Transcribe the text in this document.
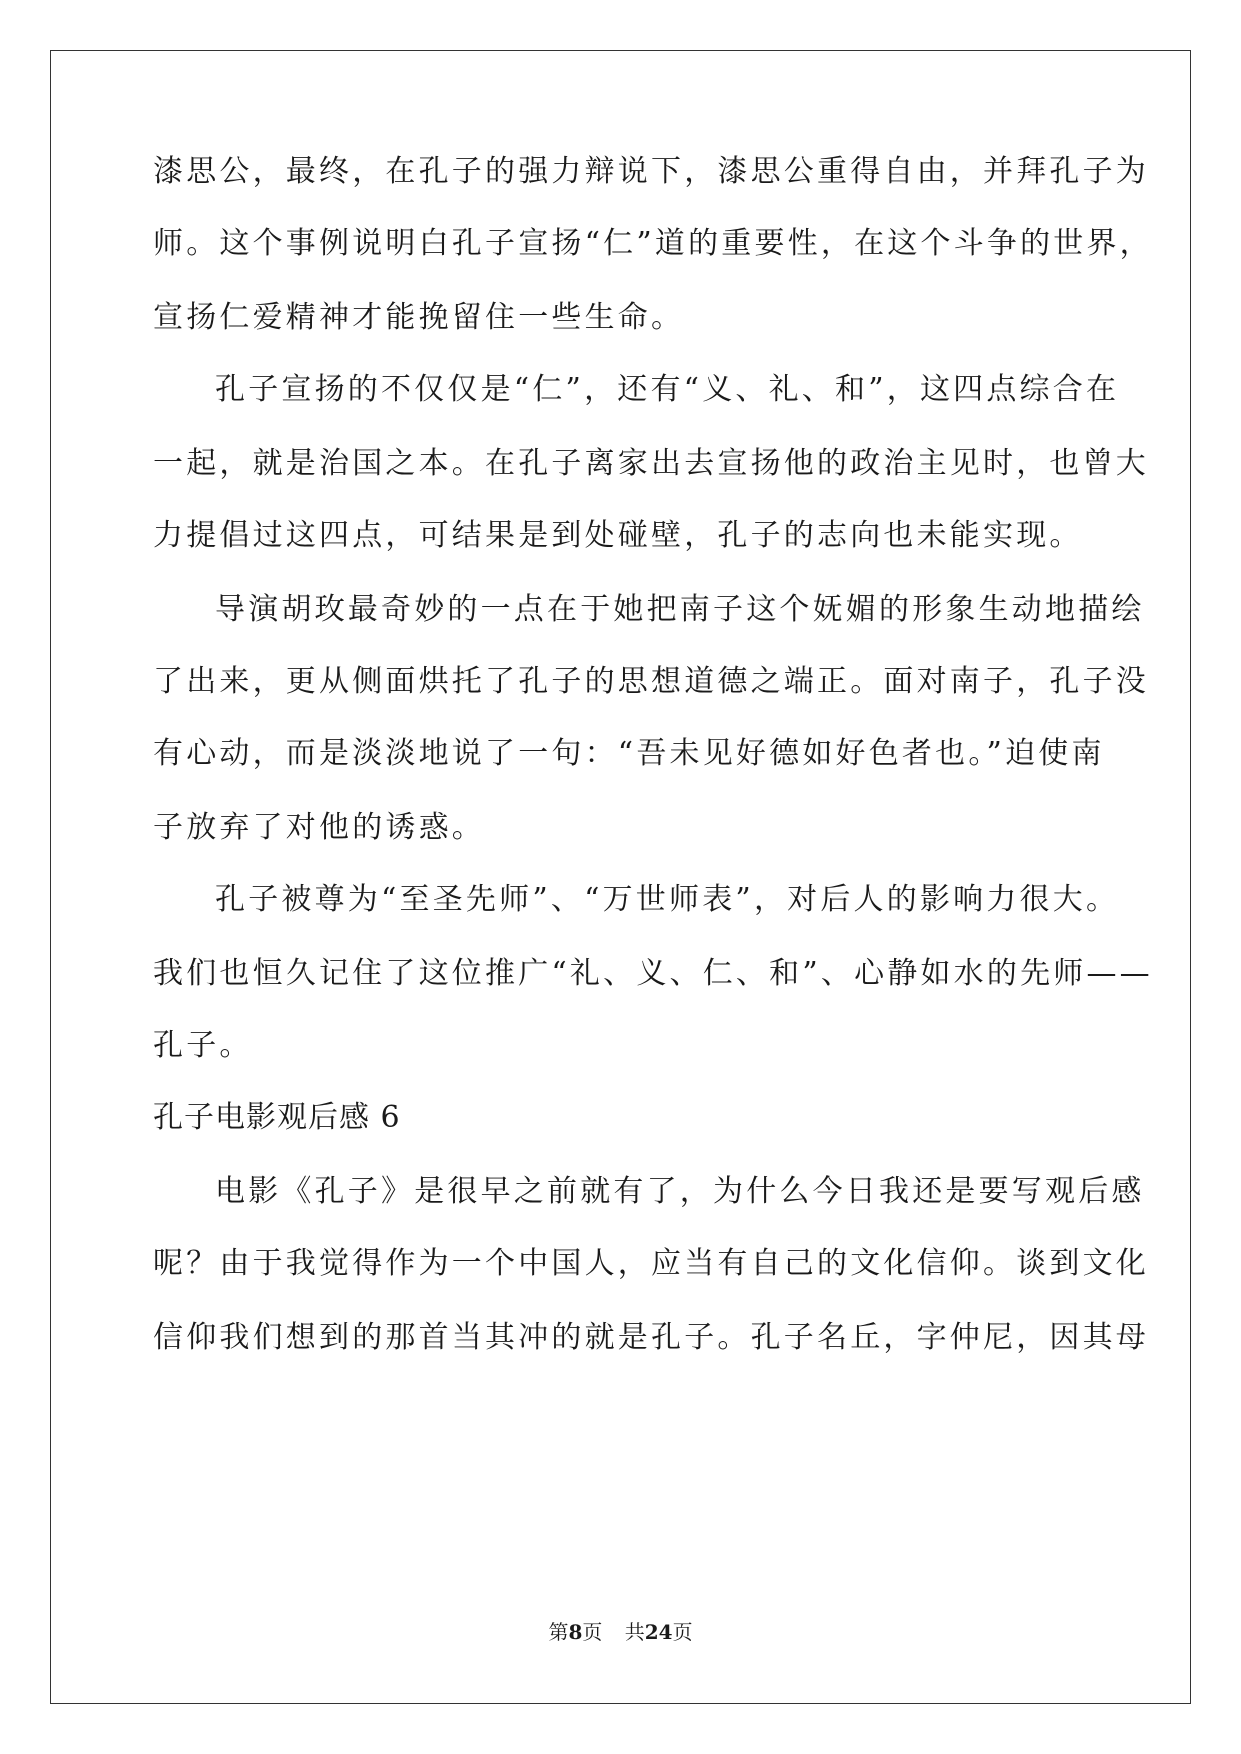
漆思公，最终，在孔子的强力辩说下，漆思公重得自由，并拜孔子为
师。这个事例说明白孔子宣扬“仁”道的重要性，在这个斗争的世界，
宣扬仁爱精神才能挽留住一些生命。
孔子宣扬的不仅仅是“仁”，还有“义、礼、和”，这四点综合在
一起，就是治国之本。在孔子离家出去宣扬他的政治主见时，也曾大
力提倡过这四点，可结果是到处碰壁，孔子的志向也未能实现。
导演胡玫最奇妙的一点在于她把南子这个妩媚的形象生动地描绘
了出来，更从侧面烘托了孔子的思想道德之端正。面对南子，孔子没
有心动，而是淡淡地说了一句：“吾未见好德如好色者也。”迫使南
子放弃了对他的诱惑。
孔子被尊为“至圣先师”、“万世师表”，对后人的影响力很大。
我们也恒久记住了这位推广“礼、义、仁、和”、心静如水的先师——
孔子。
孔子电影观后感 6
电影《孔子》是很早之前就有了，为什么今日我还是要写观后感
呢？由于我觉得作为一个中国人，应当有自己的文化信仰。谈到文化
信仰我们想到的那首当其冲的就是孔子。孔子名丘，字仲尼，因其母
第8页 共24页
